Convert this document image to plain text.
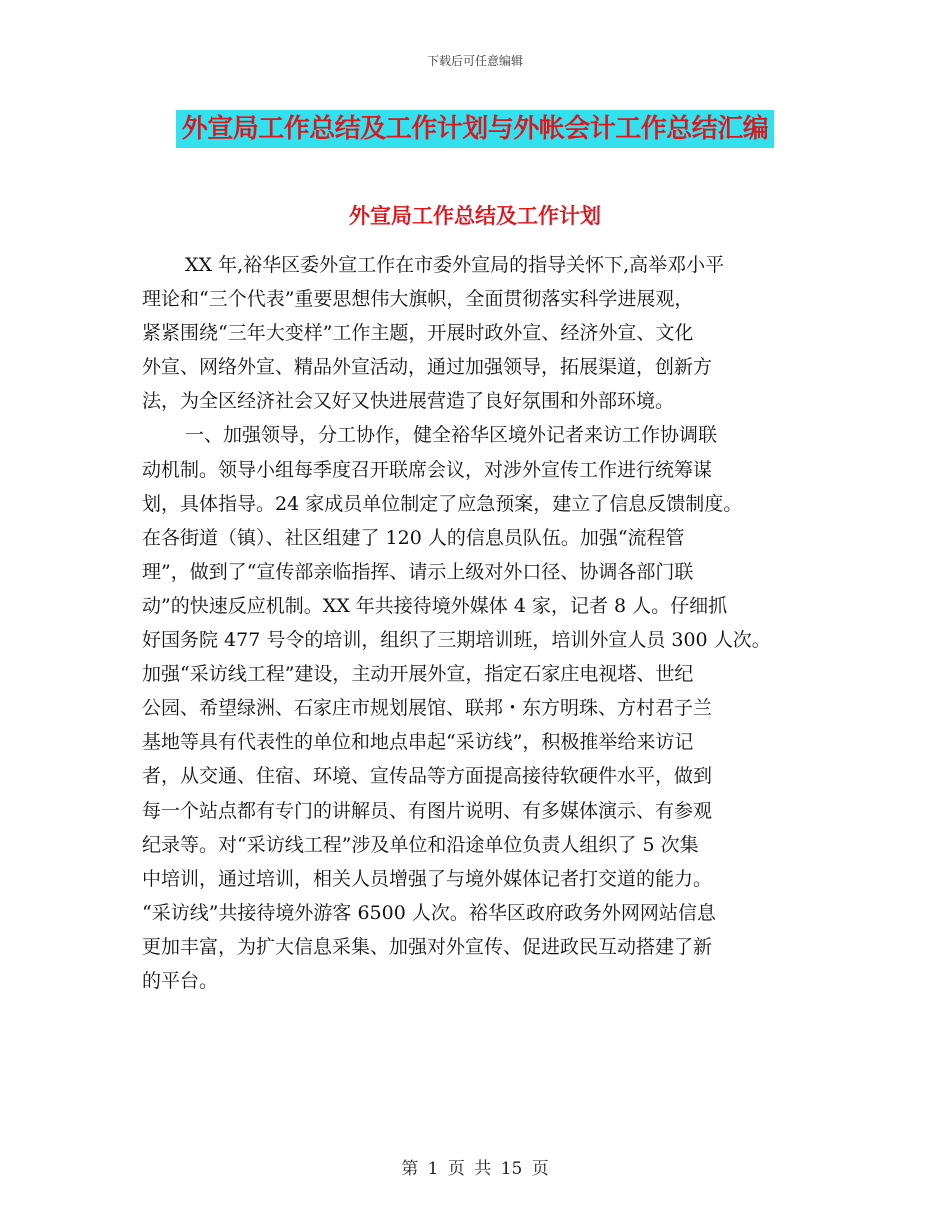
下载后可任意编辑
外宣局工作总结及工作计划与外帐会计工作总结汇编
外宣局工作总结及工作计划
XX 年,裕华区委外宣工作在市委外宣局的指导关怀下,高举邓小平
理论和“三个代表”重要思想伟大旗帜，全面贯彻落实科学进展观，
紧紧围绕“三年大变样”工作主题，开展时政外宣、经济外宣、文化
外宣、网络外宣、精品外宣活动，通过加强领导，拓展渠道，创新方
法，为全区经济社会又好又快进展营造了良好氛围和外部环境。
一、加强领导，分工协作，健全裕华区境外记者来访工作协调联
动机制。领导小组每季度召开联席会议，对涉外宣传工作进行统筹谋
划，具体指导。24 家成员单位制定了应急预案，建立了信息反馈制度。
在各街道（镇）、社区组建了 120 人的信息员队伍。加强“流程管
理”，做到了“宣传部亲临指挥、请示上级对外口径、协调各部门联
动”的快速反应机制。XX 年共接待境外媒体 4 家，记者 8 人。仔细抓
好国务院 477 号令的培训，组织了三期培训班，培训外宣人员 300 人次。
加强“采访线工程”建设，主动开展外宣，指定石家庄电视塔、世纪
公园、希望绿洲、石家庄市规划展馆、联邦・东方明珠、方村君子兰
基地等具有代表性的单位和地点串起“采访线”，积极推举给来访记
者，从交通、住宿、环境、宣传品等方面提高接待软硬件水平，做到
每一个站点都有专门的讲解员、有图片说明、有多媒体演示、有参观
纪录等。对“采访线工程”涉及单位和沿途单位负责人组织了 5 次集
中培训，通过培训，相关人员增强了与境外媒体记者打交道的能力。
“采访线”共接待境外游客 6500 人次。裕华区政府政务外网网站信息
更加丰富，为扩大信息采集、加强对外宣传、促进政民互动搭建了新
的平台。
第 1 页 共 15 页
